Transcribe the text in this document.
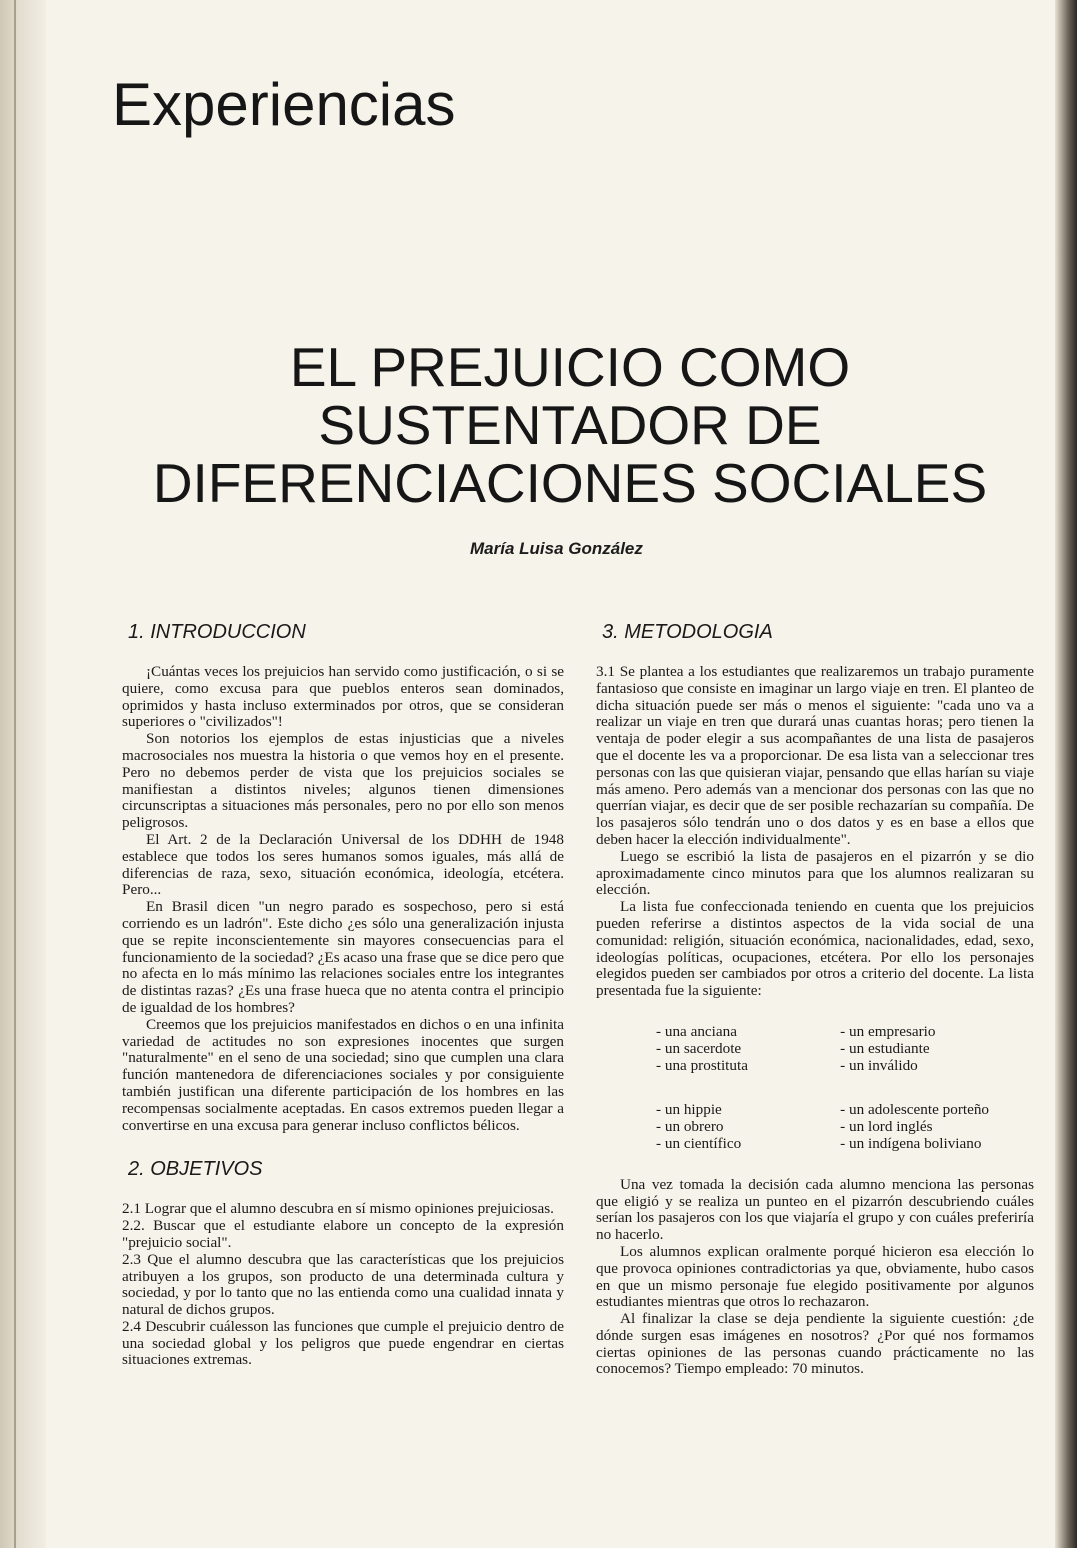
Experiencias
EL PREJUICIO COMO
SUSTENTADOR DE
DIFERENCIACIONES SOCIALES
María Luisa González
1. INTRODUCCION

¡Cuántas veces los prejuicios han servido como justificación, o si se quiere, como excusa para que pueblos enteros sean dominados, oprimidos y hasta incluso exterminados por otros, que se consideran superiores o "civilizados"!

Son notorios los ejemplos de estas injusticias que a niveles macrosociales nos muestra la historia o que vemos hoy en el presente. Pero no debemos perder de vista que los prejuicios sociales se manifiestan a distintos niveles; algunos tienen dimensiones circunscriptas a situaciones más personales, pero no por ello son menos peligrosos.

El Art. 2 de la Declaración Universal de los DDHH de 1948 establece que todos los seres humanos somos iguales, más allá de diferencias de raza, sexo, situación económica, ideología, etcétera. Pero...

En Brasil dicen "un negro parado es sospechoso, pero si está corriendo es un ladrón". Este dicho ¿es sólo una generalización injusta que se repite inconscientemente sin mayores consecuencias para el funcionamiento de la sociedad? ¿Es acaso una frase que se dice pero que no afecta en lo más mínimo las relaciones sociales entre los integrantes de distintas razas? ¿Es una frase hueca que no atenta contra el principio de igualdad de los hombres?

Creemos que los prejuicios manifestados en dichos o en una infinita variedad de actitudes no son expresiones inocentes que surgen "naturalmente" en el seno de una sociedad; sino que cumplen una clara función mantenedora de diferenciaciones sociales y por consiguiente también justifican una diferente participación de los hombres en las recompensas socialmente aceptadas. En casos extremos pueden llegar a convertirse en una excusa para generar incluso conflictos bélicos.

2. OBJETIVOS

2.1 Lograr que el alumno descubra en sí mismo opiniones prejuiciosas.

2.2. Buscar que el estudiante elabore un concepto de la expresión "prejuicio social".

2.3 Que el alumno descubra que las características que los prejuicios atribuyen a los grupos, son producto de una determinada cultura y sociedad, y por lo tanto que no las entienda como una cualidad innata y natural de dichos grupos.

2.4 Descubrir cuálesson las funciones que cumple el prejuicio dentro de una sociedad global y los peligros que puede engendrar en ciertas situaciones extremas.

3. METODOLOGIA

3.1 Se plantea a los estudiantes que realizaremos un trabajo puramente fantasioso que consiste en imaginar un largo viaje en tren. El planteo de dicha situación puede ser más o menos el siguiente: "cada uno va a realizar un viaje en tren que durará unas cuantas horas; pero tienen la ventaja de poder elegir a sus acompañantes de una lista de pasajeros que el docente les va a proporcionar. De esa lista van a seleccionar tres personas con las que quisieran viajar, pensando que ellas harían su viaje más ameno. Pero además van a mencionar dos personas con las que no querrían viajar, es decir que de ser posible rechazarían su compañía. De los pasajeros sólo tendrán uno o dos datos y es en base a ellos que deben hacer la elección individualmente".

Luego se escribió la lista de pasajeros en el pizarrón y se dio aproximadamente cinco minutos para que los alumnos realizaran su elección.

La lista fue confeccionada teniendo en cuenta que los prejuicios pueden referirse a distintos aspectos de la vida social de una comunidad: religión, situación económica, nacionalidades, edad, sexo, ideologías políticas, ocupaciones, etcétera. Por ello los personajes elegidos pueden ser cambiados por otros a criterio del docente. La lista presentada fue la siguiente:

- una anciana
- un sacerdote
- una prostituta
- un empresario
- un estudiante
- un inválido
- un hippie
- un obrero
- un científico
- un adolescente porteño
- un lord inglés
- un indígena boliviano

Una vez tomada la decisión cada alumno menciona las personas que eligió y se realiza un punteo en el pizarrón descubriendo cuáles serían los pasajeros con los que viajaría el grupo y con cuáles preferiría no hacerlo.

Los alumnos explican oralmente porqué hicieron esa elección lo que provoca opiniones contradictorias ya que, obviamente, hubo casos en que un mismo personaje fue elegido positivamente por algunos estudiantes mientras que otros lo rechazaron.

Al finalizar la clase se deja pendiente la siguiente cuestión: ¿de dónde surgen esas imágenes en nosotros? ¿Por qué nos formamos ciertas opiniones de las personas cuando prácticamente no las conocemos? Tiempo empleado: 70 minutos.
